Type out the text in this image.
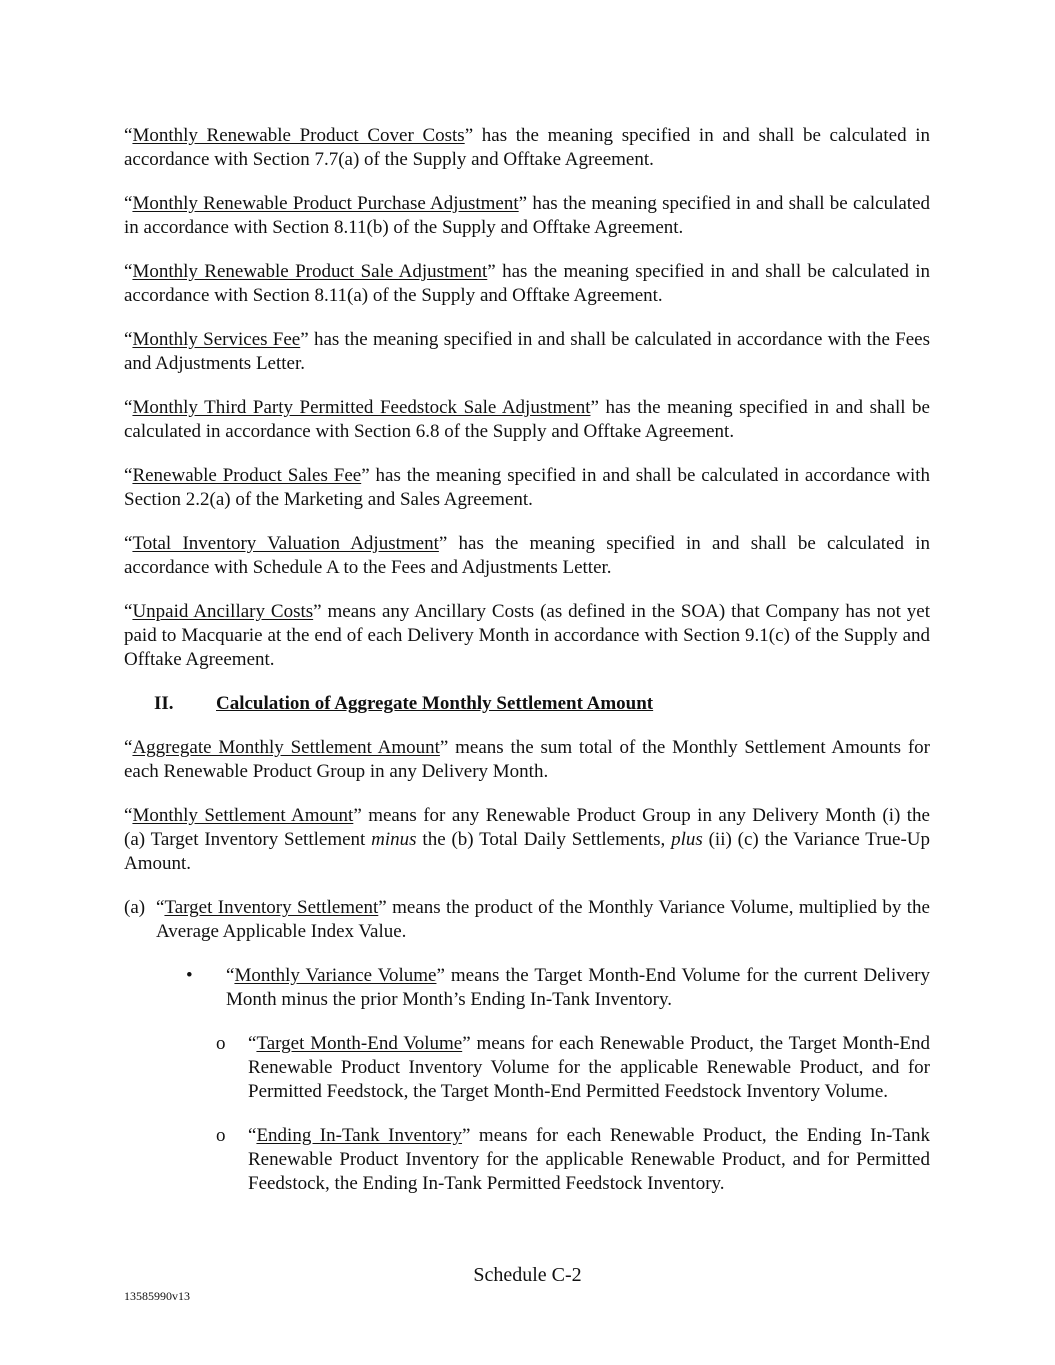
“Monthly Renewable Product Cover Costs” has the meaning specified in and shall be calculated in accordance with Section 7.7(a) of the Supply and Offtake Agreement.

“Monthly Renewable Product Purchase Adjustment” has the meaning specified in and shall be calculated in accordance with Section 8.11(b) of the Supply and Offtake Agreement.

“Monthly Renewable Product Sale Adjustment” has the meaning specified in and shall be calculated in accordance with Section 8.11(a) of the Supply and Offtake Agreement.

“Monthly Services Fee” has the meaning specified in and shall be calculated in accordance with the Fees and Adjustments Letter.

“Monthly Third Party Permitted Feedstock Sale Adjustment” has the meaning specified in and shall be calculated in accordance with Section 6.8 of the Supply and Offtake Agreement.

“Renewable Product Sales Fee” has the meaning specified in and shall be calculated in accordance with Section 2.2(a) of the Marketing and Sales Agreement.

“Total Inventory Valuation Adjustment” has the meaning specified in and shall be calculated in accordance with Schedule A to the Fees and Adjustments Letter.

“Unpaid Ancillary Costs” means any Ancillary Costs (as defined in the SOA) that Company has not yet paid to Macquarie at the end of each Delivery Month in accordance with Section 9.1(c) of the Supply and Offtake Agreement.

II.	Calculation of Aggregate Monthly Settlement Amount

“Aggregate Monthly Settlement Amount” means the sum total of the Monthly Settlement Amounts for each Renewable Product Group in any Delivery Month.

“Monthly Settlement Amount” means for any Renewable Product Group in any Delivery Month (i) the (a) Target Inventory Settlement minus the (b) Total Daily Settlements, plus (ii) (c) the Variance True-Up Amount.

(a) “Target Inventory Settlement” means the product of the Monthly Variance Volume, multiplied by the Average Applicable Index Value.
•	“Monthly Variance Volume” means the Target Month-End Volume for the current Delivery Month minus the prior Month’s Ending In-Tank Inventory.
o	“Target Month-End Volume” means for each Renewable Product, the Target Month-End Renewable Product Inventory Volume for the applicable Renewable Product, and for Permitted Feedstock, the Target Month-End Permitted Feedstock Inventory Volume.
o	“Ending In-Tank Inventory” means for each Renewable Product, the Ending In-Tank Renewable Product Inventory for the applicable Renewable Product, and for Permitted Feedstock, the Ending In-Tank Permitted Feedstock Inventory.
Schedule C-2
13585990v13
